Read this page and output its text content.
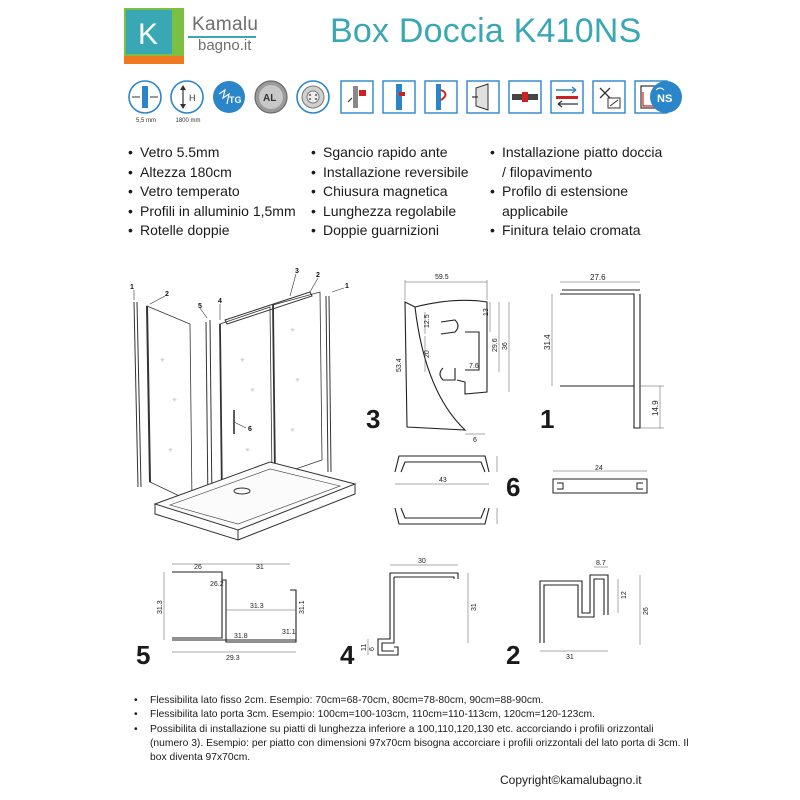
K Kamalu
bagno.it Box Doccia K410NS
H	TG AL	NS
5,5 mm	1800 mm
• Vetro 5.5mm
• Altezza 180cm
• Vetro temperato
• Profili in alluminio 1,5mm
• Rotelle doppie
• Sgancio rapido ante
• Installazione reversibile
• Chiusura magnetica
• Lunghezza regolabile
• Doppie guarnizioni
• Installazione piatto doccia
/ filopavimento
• Profilo di estensione
applicabile
• Finitura telaio cromata
✳
✳
✳
✳
✳
✳
✳
✳
✳
1
2
5
4
3
2
1
6
59.5
12.5
20
53.4
29.6 36
13
7.6
6
3
27.6
31.4
14.9
1
43 6
24
26	31
31.3	31.3
26.2
29.3
31.8
31.1
31.1
5
30
31
11 6
4
8.7
12
26
31
2
• Flessibilita lato fisso 2cm. Esempio: 70cm=68-70cm, 80cm=78-80cm, 90cm=88-90cm.
• Flessibilita lato porta 3cm. Esempio: 100cm=100-103cm, 110cm=110-113cm, 120cm=120-123cm.
• Possibilita di installazione su piatti di lunghezza inferiore a 100,110,120,130 etc. accorciando i profili orizzontali (numero 3). Esempio: per piatto con dimensioni 97x70cm bisogna accorciare i profili orizzontali del lato porta di 3cm. Il box diventa 97x70cm.
Copyright©kamalubagno.it
